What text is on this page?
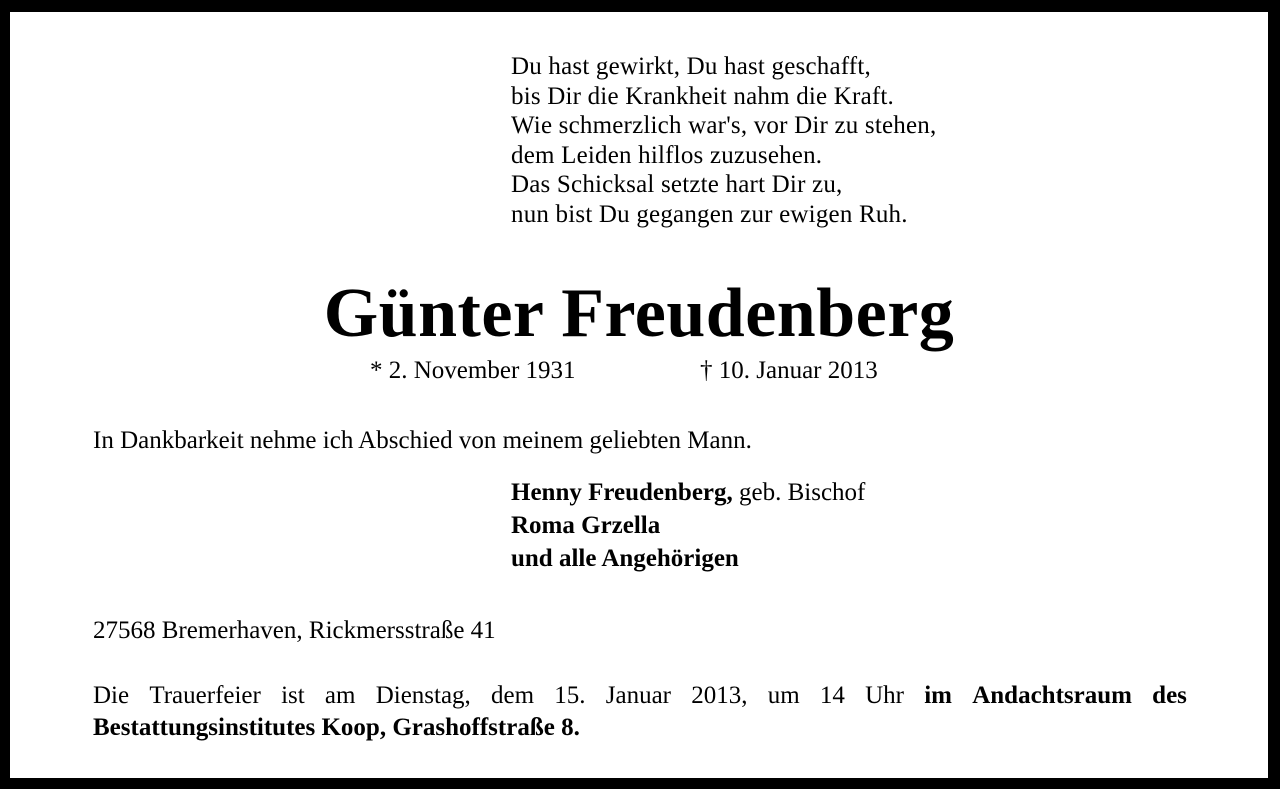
Du hast gewirkt, Du hast geschafft,
bis Dir die Krankheit nahm die Kraft.
Wie schmerzlich war's, vor Dir zu stehen,
dem Leiden hilflos zuzusehen.
Das Schicksal setzte hart Dir zu,
nun bist Du gegangen zur ewigen Ruh.
Günter Freudenberg
* 2. November 1931	† 10. Januar 2013
In Dankbarkeit nehme ich Abschied von meinem geliebten Mann.
Henny Freudenberg, geb. Bischof
Roma Grzella
und alle Angehörigen
27568 Bremerhaven, Rickmersstraße 41
Die Trauerfeier ist am Dienstag, dem 15. Januar 2013, um 14 Uhr im Andachtsraum des
Bestattungsinstitutes Koop, Grashoffstraße 8.
